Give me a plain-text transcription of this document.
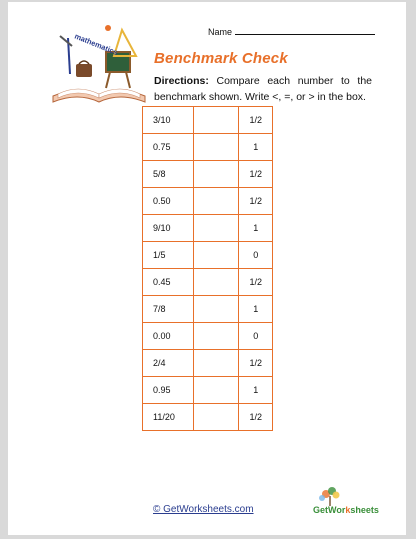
mathematics	Name
Benchmark Check
Directions: Compare each number to the benchmark shown. Write <, =, or > in the box.
3/10		1/2
0.75		1
5/8		1/2
0.50		1/2
9/10		1
1/5		0
0.45		1/2
7/8		1
0.00		0
2/4		1/2
0.95		1
11/20		1/2
© GetWorksheets.com	GetWorksheets
